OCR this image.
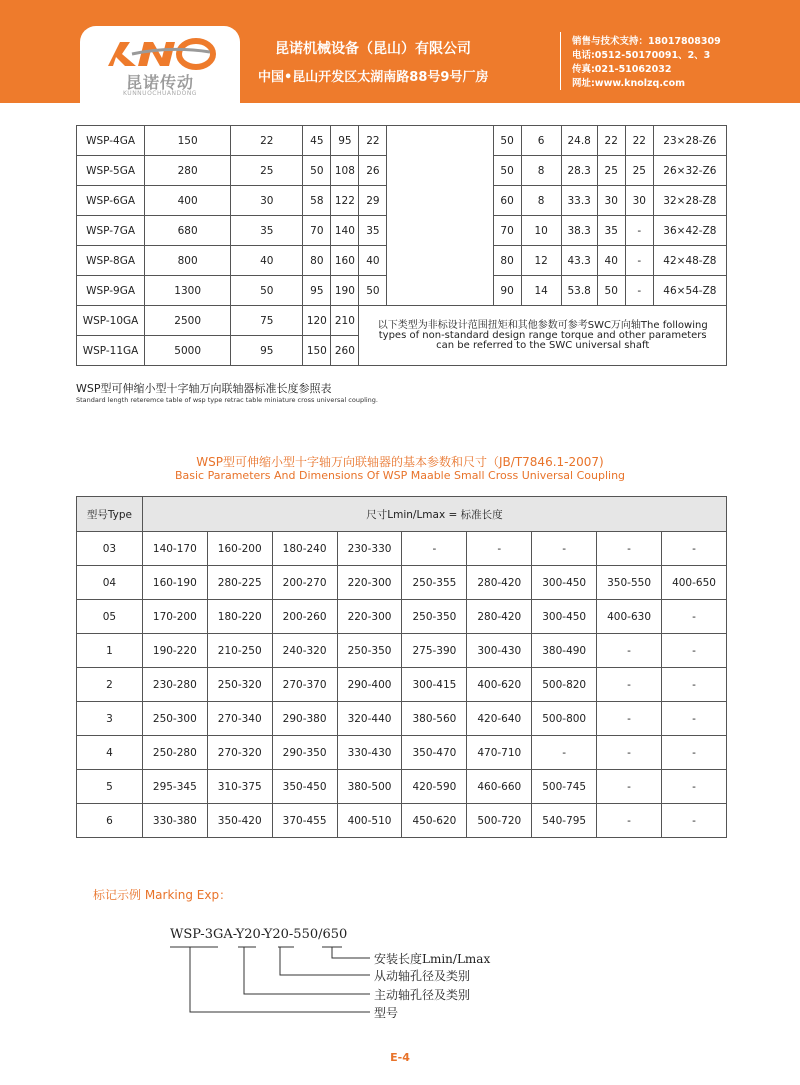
昆诺传动
KUNNUOCHUANDONG
昆诺机械设备（昆山）有限公司
中国•昆山开发区太湖南路88号9号厂房
销售与技术支持：18017808309
电话:0512-50170091、2、3
传真:021-51062032
网址:www.knolzq.com
WSP-4GA	150	22	45	95	22		50	6	24.8	22	22	23×28-Z6
WSP-5GA	280	25	50	108	26		50	8	28.3	25	25	26×32-Z6
WSP-6GA	400	30	58	122	29		60	8	33.3	30	30	32×28-Z8
WSP-7GA	680	35	70	140	35		70	10	38.3	35	-	36×42-Z8
WSP-8GA	800	40	80	160	40		80	12	43.3	40	-	42×48-Z8
WSP-9GA	1300	50	95	190	50		90	14	53.8	50	-	46×54-Z8
WSP-10GA	2500	75	120	210	以下类型为非标设计范围扭矩和其他参数可参考SWC万向轴The following
types of non-standard design range torque and other parameters
can be referred to the SWC universal shaft							

WSP-11GA	5000	95	150	260								
WSP型可伸缩小型十字轴万向联轴器标准长度参照表
Standard length reteremce table of wsp type retrac table miniature cross universal coupling.
WSP型可伸缩小型十字轴万向联轴器的基本参数和尺寸（JB/T7846.1-2007)
Basic Parameters And Dimensions Of WSP Maable Small Cross Universal Coupling
型号Type	尺寸Lmin/Lmax = 标准长度								
03	140-170	160-200	180-240	230-330	-	-	-	-	-
04	160-190	280-225	200-270	220-300	250-355	280-420	300-450	350-550	400-650
05	170-200	180-220	200-260	220-300	250-350	280-420	300-450	400-630	-
1	190-220	210-250	240-320	250-350	275-390	300-430	380-490	-	-
2	230-280	250-320	270-370	290-400	300-415	400-620	500-820	-	-
3	250-300	270-340	290-380	320-440	380-560	420-640	500-800	-	-
4	250-280	270-320	290-350	330-430	350-470	470-710	-	-	-
5	295-345	310-375	350-450	380-500	420-590	460-660	500-745	-	-
6	330-380	350-420	370-455	400-510	450-620	500-720	540-795	-	-
标记示例 Marking Exp：
WSP-3GA-Y20-Y20-550/650
安装长度Lmin/Lmax
从动轴孔径及类别
主动轴孔径及类别
型号
E-4
